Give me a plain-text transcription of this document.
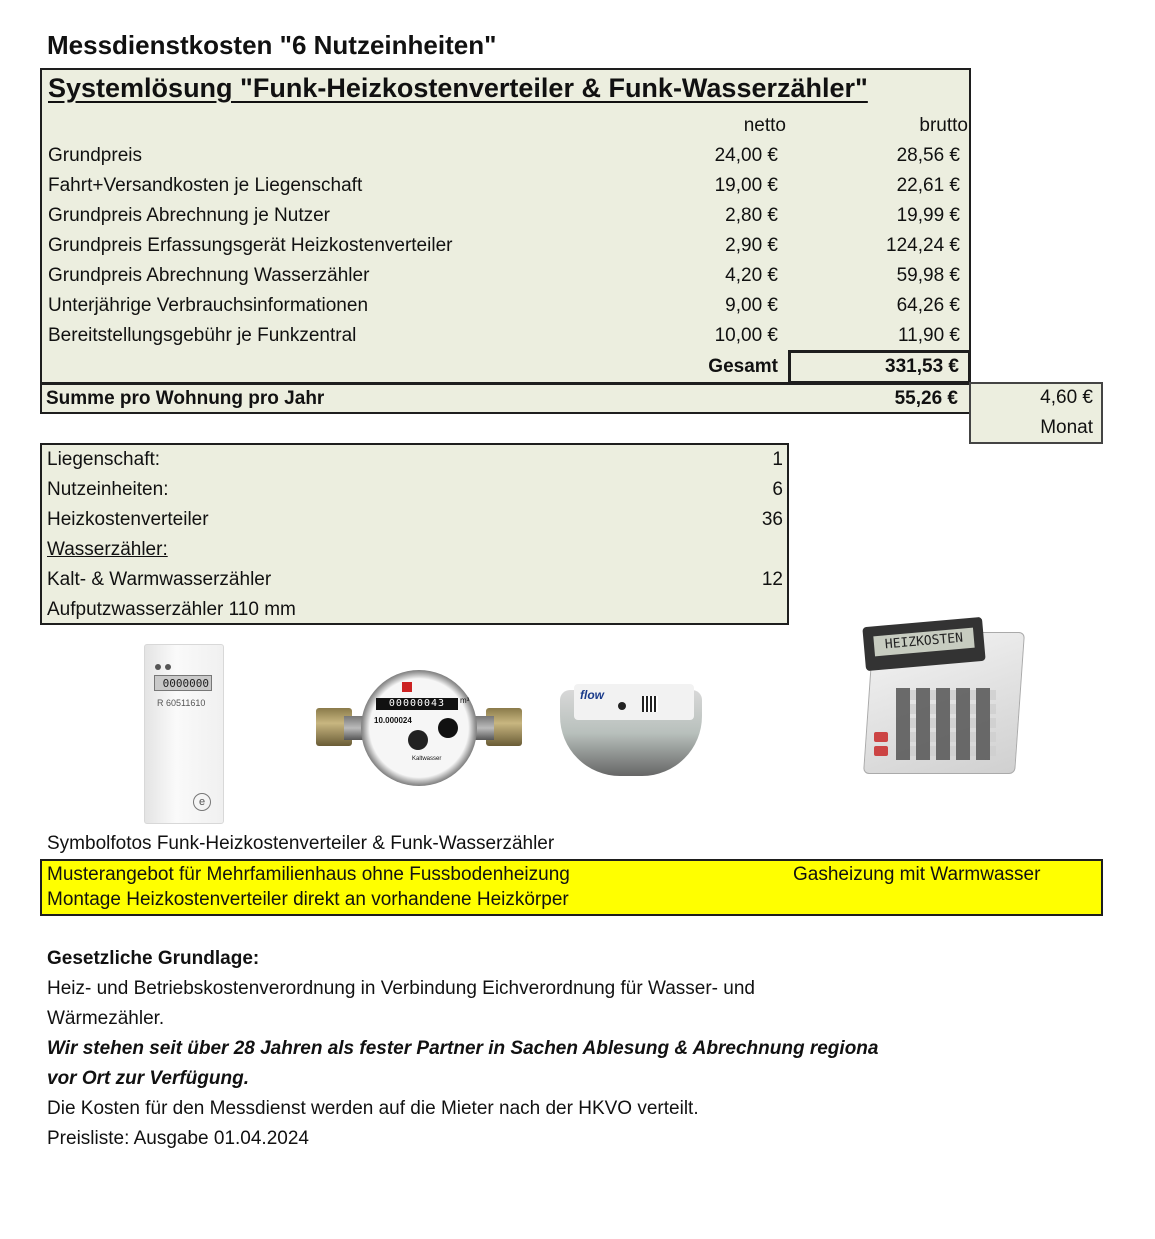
Messdienstkosten "6 Nutzeinheiten"
Systemlösung "Funk-Heizkostenverteiler & Funk-Wasserzähler"
netto	brutto
Grundpreis	24,00 €	28,56 €
Fahrt+Versandkosten je Liegenschaft	19,00 €	22,61 €
Grundpreis Abrechnung je Nutzer	2,80 €	19,99 €
Grundpreis Erfassungsgerät Heizkostenverteiler	2,90 €	124,24 €
Grundpreis Abrechnung Wasserzähler	4,20 €	59,98 €
Unterjährige Verbrauchsinformationen	9,00 €	64,26 €
Bereitstellungsgebühr je Funkzentral	10,00 €	11,90 €
Gesamt	331,53 €
Summe pro Wohnung pro Jahr	55,26 €	4,60 €
Monat
Liegenschaft:	1
Nutzeinheiten:	6
Heizkostenverteiler	36
Wasserzähler:
Kalt- & Warmwasserzähler	12
Aufputzwasserzähler 110 mm
0000000
R 60511610
e
00000043	m³
10.000024
Kaltwasser
flow
HEIZKOSTEN
Symbolfotos Funk-Heizkostenverteiler & Funk-Wasserzähler
Musterangebot für Mehrfamilienhaus ohne Fussbodenheizung	Gasheizung mit Warmwasser
Montage Heizkostenverteiler direkt an vorhandene Heizkörper
Gesetzliche Grundlage:
Heiz- und Betriebskostenverordnung in Verbindung Eichverordnung für Wasser- und
Wärmezähler.
Wir stehen seit über 28 Jahren als fester Partner in Sachen Ablesung & Abrechnung regiona
vor Ort zur Verfügung.
Die Kosten für den Messdienst werden auf die Mieter nach der HKVO verteilt.
Preisliste: Ausgabe 01.04.2024
